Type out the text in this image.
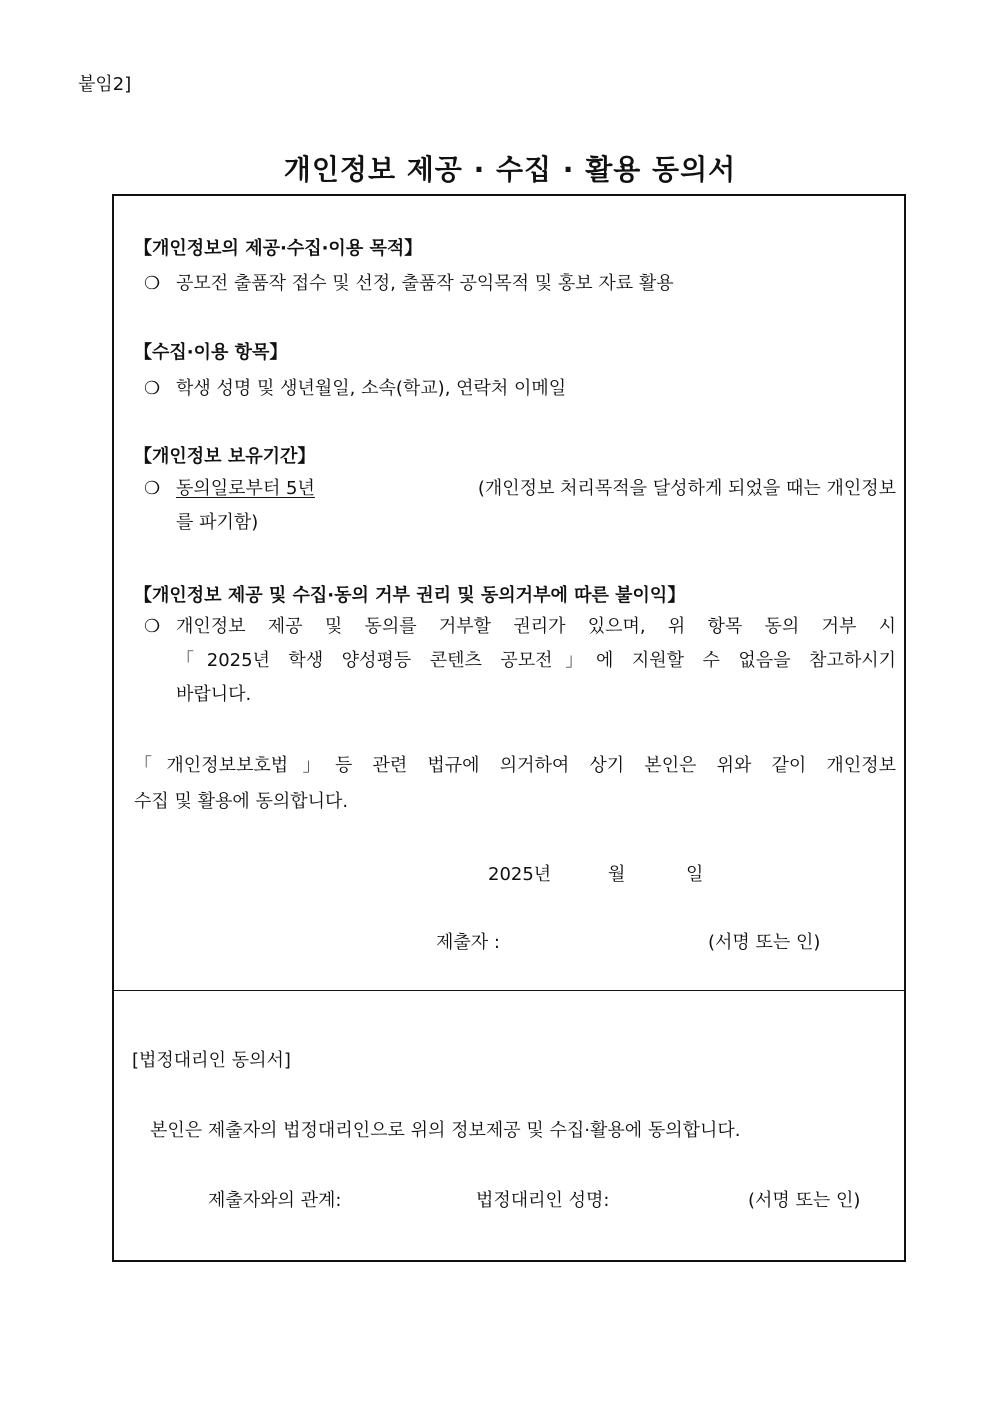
붙임2]
개인정보 제공 · 수집 · 활용 동의서
【개인정보의 제공·수집·이용 목적】
❍ 공모전 출품작 접수 및 선정, 출품작 공익목적 및 홍보 자료 활용
【수집·이용 항목】
❍ 학생 성명 및 생년월일, 소속(학교), 연락처 이메일
【개인정보 보유기간】
❍ 동의일로부터 5년	(개인정보 처리목적을 달성하게 되었을 때는 개인정보
를 파기함)
【개인정보 제공 및 수집·동의 거부 권리 및 동의거부에 따른 불이익】
❍ 개인정보 제공 및 동의를 거부할 권리가 있으며, 위 항목 동의 거부 시
「2025년 학생 양성평등 콘텐츠 공모전」에 지원할 수 없음을 참고하시기
바랍니다.
「개인정보보호법」등 관련 법규에 의거하여 상기 본인은 위와 같이 개인정보
수집 및 활용에 동의합니다.
2025년	월	일
제출자 :	(서명 또는 인)
[법정대리인 동의서]
본인은 제출자의 법정대리인으로 위의 정보제공 및 수집·활용에 동의합니다.
제출자와의 관계:	법정대리인 성명:	(서명 또는 인)
